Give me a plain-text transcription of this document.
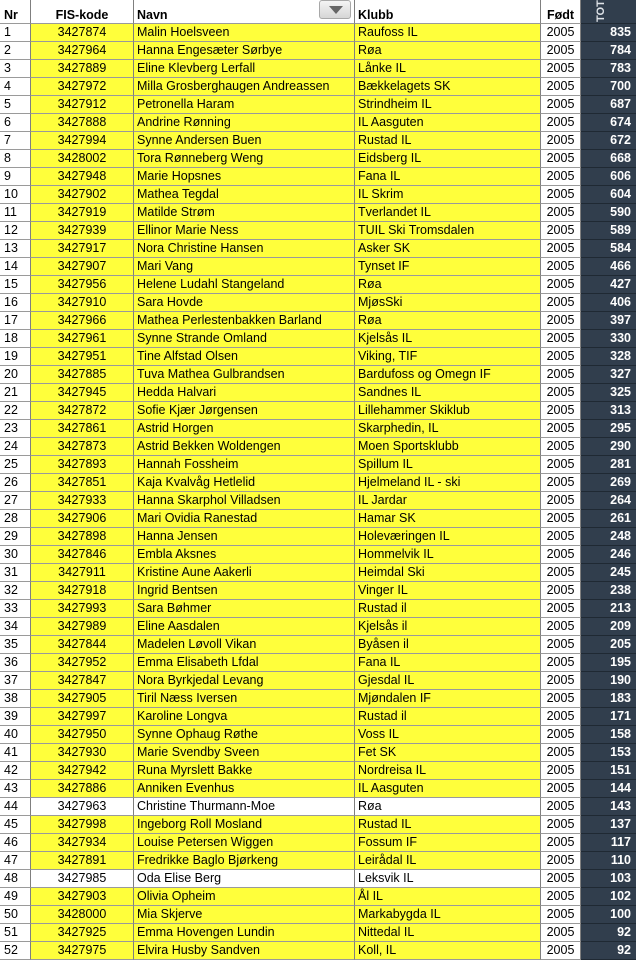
Nr	FIS-kode	Navn	Klubb	Født	TOT
1	3427874	Malin Hoelsveen	Raufoss IL	2005	835
2	3427964	Hanna Engesæter Sørbye	Røa	2005	784
3	3427889	Eline Klevberg Lerfall	Lånke IL	2005	783
4	3427972	Milla Grosberghaugen Andreassen	Bækkelagets SK	2005	700
5	3427912	Petronella Haram	Strindheim IL	2005	687
6	3427888	Andrine Rønning	IL Aasguten	2005	674
7	3427994	Synne Andersen Buen	Rustad IL	2005	672
8	3428002	Tora Rønneberg Weng	Eidsberg IL	2005	668
9	3427948	Marie Hopsnes	Fana IL	2005	606
10	3427902	Mathea Tegdal	IL Skrim	2005	604
11	3427919	Matilde Strøm	Tverlandet IL	2005	590
12	3427939	Ellinor Marie Ness	TUIL Ski Tromsdalen	2005	589
13	3427917	Nora Christine Hansen	Asker SK	2005	584
14	3427907	Mari Vang	Tynset IF	2005	466
15	3427956	Helene Ludahl Stangeland	Røa	2005	427
16	3427910	Sara Hovde	MjøsSki	2005	406
17	3427966	Mathea Perlestenbakken Barland	Røa	2005	397
18	3427961	Synne Strande Omland	Kjelsås IL	2005	330
19	3427951	Tine Alfstad Olsen	Viking, TIF	2005	328
20	3427885	Tuva Mathea Gulbrandsen	Bardufoss og Omegn IF	2005	327
21	3427945	Hedda Halvari	Sandnes IL	2005	325
22	3427872	Sofie Kjær Jørgensen	Lillehammer Skiklub	2005	313
23	3427861	Astrid Horgen	Skarphedin, IL	2005	295
24	3427873	Astrid Bekken Woldengen	Moen Sportsklubb	2005	290
25	3427893	Hannah Fossheim	Spillum IL	2005	281
26	3427851	Kaja Kvalvåg Hetlelid	Hjelmeland IL - ski	2005	269
27	3427933	Hanna Skarphol Villadsen	IL Jardar	2005	264
28	3427906	Mari Ovidia Ranestad	Hamar SK	2005	261
29	3427898	Hanna Jensen	Holeværingen IL	2005	248
30	3427846	Embla Aksnes	Hommelvik IL	2005	246
31	3427911	Kristine Aune Aakerli	Heimdal Ski	2005	245
32	3427918	Ingrid Bentsen	Vinger IL	2005	238
33	3427993	Sara Bøhmer	Rustad il	2005	213
34	3427989	Eline Aasdalen	Kjelsås il	2005	209
35	3427844	Madelen Løvoll Vikan	Byåsen il	2005	205
36	3427952	Emma Elisabeth Lfdal	Fana IL	2005	195
37	3427847	Nora Byrkjedal Levang	Gjesdal IL	2005	190
38	3427905	Tiril Næss Iversen	Mjøndalen IF	2005	183
39	3427997	Karoline Longva	Rustad il	2005	171
40	3427950	Synne Ophaug Røthe	Voss IL	2005	158
41	3427930	Marie Svendby Sveen	Fet SK	2005	153
42	3427942	Runa Myrslett Bakke	Nordreisa IL	2005	151
43	3427886	Anniken Evenhus	IL Aasguten	2005	144
44	3427963	Christine Thurmann-Moe	Røa	2005	143
45	3427998	Ingeborg Roll Mosland	Rustad IL	2005	137
46	3427934	Louise Petersen Wiggen	Fossum IF	2005	117
47	3427891	Fredrikke Baglo Bjørkeng	Leirådal IL	2005	110
48	3427985	Oda Elise Berg	Leksvik IL	2005	103
49	3427903	Olivia Opheim	Ål IL	2005	102
50	3428000	Mia Skjerve	Markabygda IL	2005	100
51	3427925	Emma Hovengen Lundin	Nittedal IL	2005	92
52	3427975	Elvira Husby Sandven	Koll, IL	2005	92
